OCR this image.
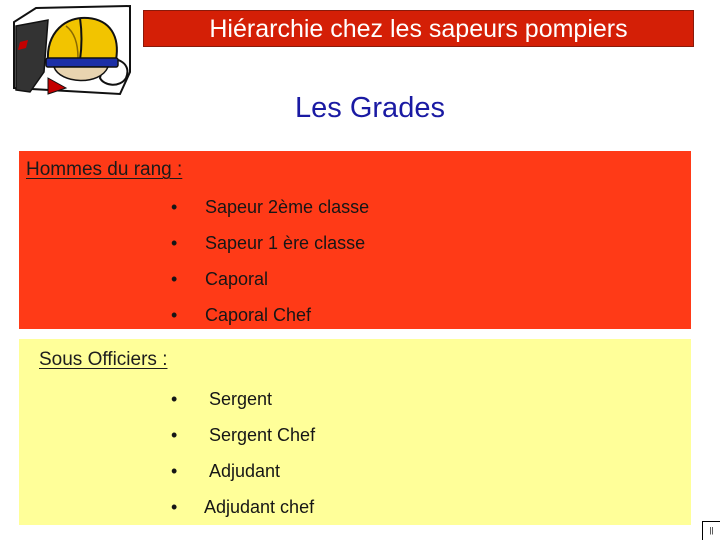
Hiérarchie chez les sapeurs pompiers
Les Grades
Hommes du rang :
• Sapeur 2ème classe
• Sapeur 1 ère classe
• Caporal
• Caporal Chef
Sous Officiers :
• Sergent
• Sergent Chef
• Adjudant
• Adjudant chef
||
